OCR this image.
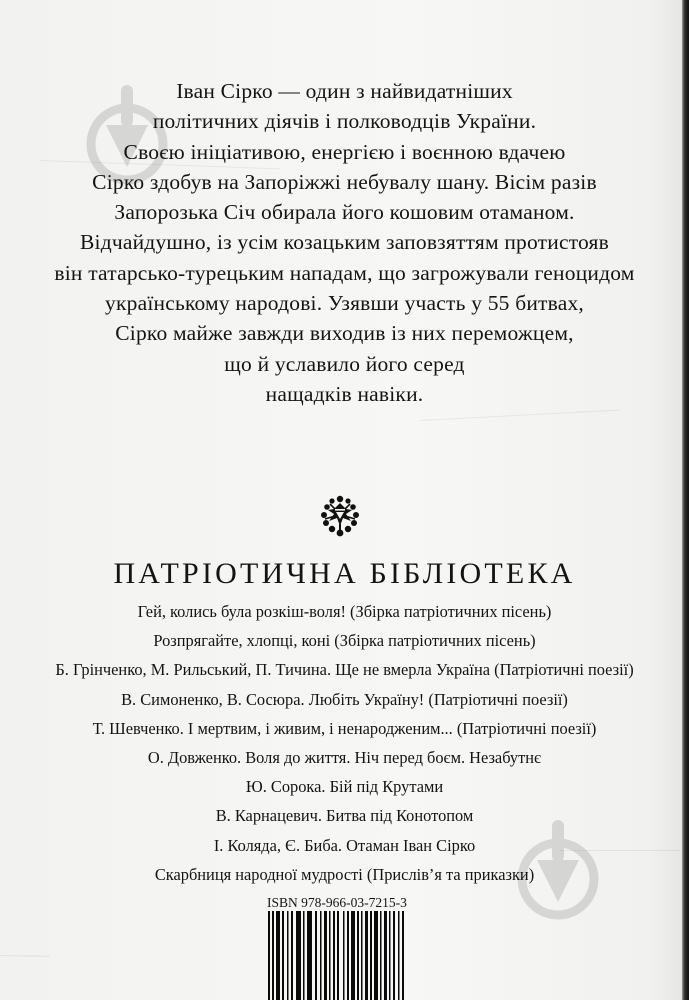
Іван Сірко — один з найвидатніших
політичних діячів і полководців України.
Своєю ініціативою, енергією і воєнною вдачею
Сірко здобув на Запоріжжі небувалу шану. Вісім разів
Запорозька Січ обирала його кошовим отаманом.
Відчайдушно, із усім козацьким заповзяттям протистояв
він татарсько-турецьким нападам, що загрожували геноцидом
українському народові. Узявши участь у 55 битвах,
Сірко майже завжди виходив із них переможцем,
що й уславило його серед
нащадків навіки.
ПАТРІОТИЧНА БІБЛІОТЕКА
Гей, колись була розкіш-воля! (Збірка патріотичних пісень)
Розпрягайте, хлопці, коні (Збірка патріотичних пісень)
Б. Грінченко, М. Рильський, П. Тичина. Ще не вмерла Україна (Патріотичні поезії)
В. Симоненко, В. Сосюра. Любіть Україну! (Патріотичні поезії)
Т. Шевченко. І мертвим, і живим, і ненародженим... (Патріотичні поезії)
О. Довженко. Воля до життя. Ніч перед боєм. Незабутнє
Ю. Сорока. Бій під Крутами
В. Карнацевич. Битва під Конотопом
І. Коляда, Є. Биба. Отаман Іван Сірко
Скарбниця народної мудрості (Прислів’я та приказки)
ISBN 978-966-03-7215-3
